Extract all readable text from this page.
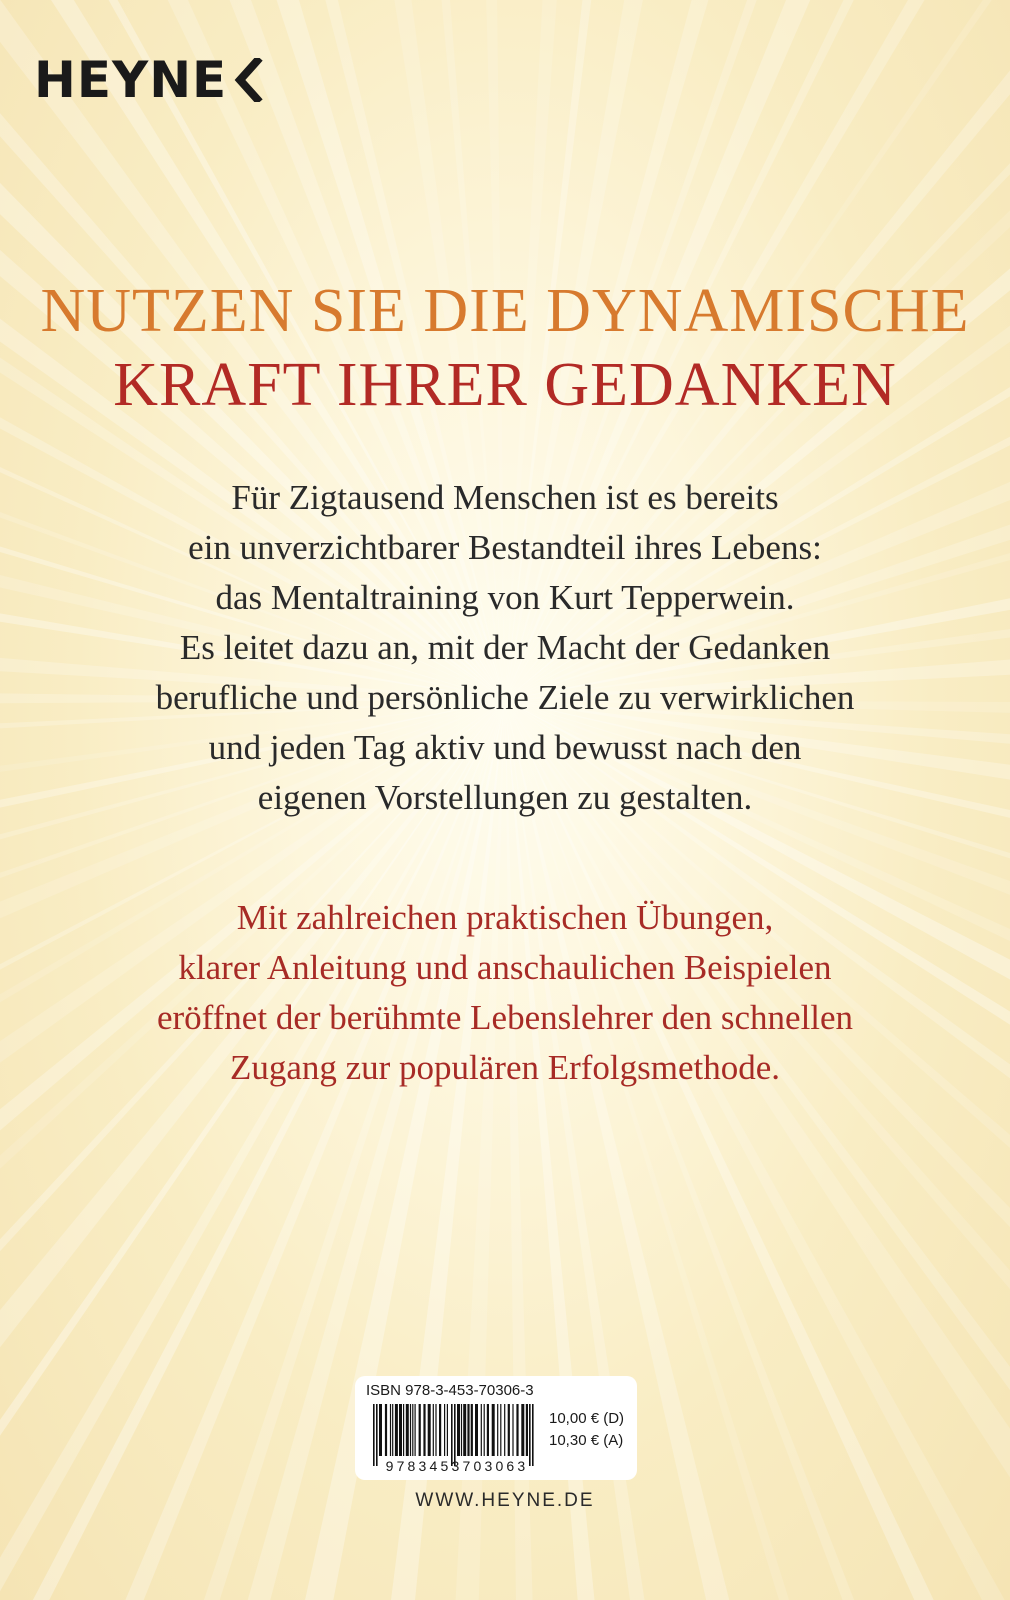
HEYNE
NUTZEN SIE DIE DYNAMISCHE
KRAFT IHRER GEDANKEN
Für Zigtausend Menschen ist es bereits
ein unverzichtbarer Bestandteil ihres Lebens:
das Mentaltraining von Kurt Tepperwein.
Es leitet dazu an, mit der Macht der Gedanken
berufliche und persönliche Ziele zu verwirklichen
und jeden Tag aktiv und bewusst nach den
eigenen Vorstellungen zu gestalten.
Mit zahlreichen praktischen Übungen,
klarer Anleitung und anschaulichen Beispielen
eröffnet der berühmte Lebenslehrer den schnellen
Zugang zur populären Erfolgsmethode.
ISBN 978-3-453-70306-3
9783453703063
10,00 € (D)
10,30 € (A)
WWW.HEYNE.DE
